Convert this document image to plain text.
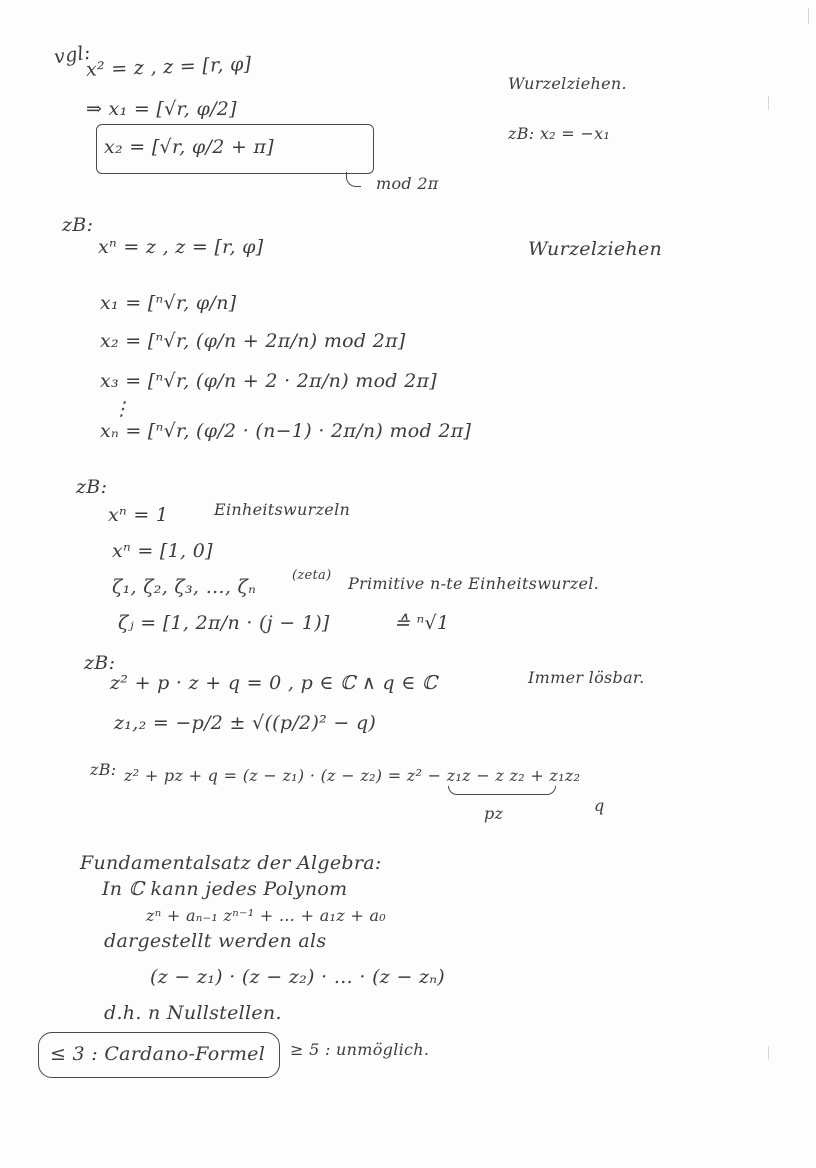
vgl:
x² = z , z = [r, φ]
⇒ x₁ = [√r, φ/2]
x₂ = [√r, φ/2 + π]
mod 2π
Wurzelziehen.
zB: x₂ = −x₁
zB:
xⁿ = z , z = [r, φ]	Wurzelziehen
x₁ = [ⁿ√r, φ/n]
x₂ = [ⁿ√r, (φ/n + 2π/n) mod 2π]
x₃ = [ⁿ√r, (φ/n + 2 · 2π/n) mod 2π]
⋮
xₙ = [ⁿ√r, (φ/2 · (n−1) · 2π/n) mod 2π]
zB:
xⁿ = 1	Einheitswurzeln
xⁿ = [1, 0]
ζ₁, ζ₂, ζ₃, …, ζₙ
(zeta) Primitive n-te Einheitswurzel.
ζⱼ = [1, 2π/n · (j − 1)]	≙ ⁿ√1
zB:
z² + p · z + q = 0 , p ∈ ℂ ∧ q ∈ ℂ	Immer lösbar.
z₁,₂ = −p/2 ± √((p/2)² − q)
zB: z² + pz + q = (z − z₁) · (z − z₂) = z² − z₁z − z z₂ + z₁z₂
pz	q
Fundamentalsatz der Algebra:
In ℂ kann jedes Polynom
zⁿ + aₙ₋₁ zⁿ⁻¹ + … + a₁z + a₀
dargestellt werden als
(z − z₁) · (z − z₂) · … · (z − zₙ)
d.h. n Nullstellen.
≤ 3 : Cardano-Formel ≥ 5 : unmöglich.
